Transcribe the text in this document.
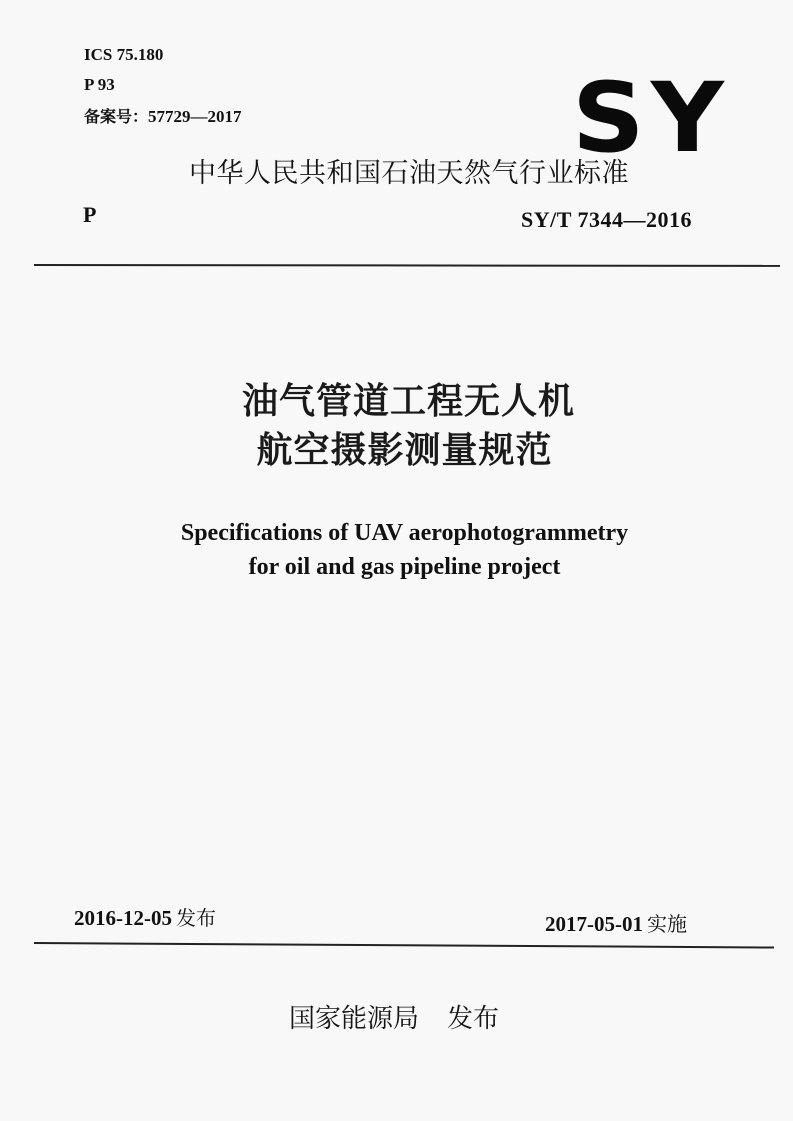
ICS 75.180
P 93
备案号：57729—2017	SY
中华人民共和国石油天然气行业标准
P	SY/T 7344—2016
油气管道工程无人机
航空摄影测量规范
Specifications of UAV aerophotogrammetry
for oil and gas pipeline project
2016-12-05 发布	2017-05-01 实施
国家能源局 发布
